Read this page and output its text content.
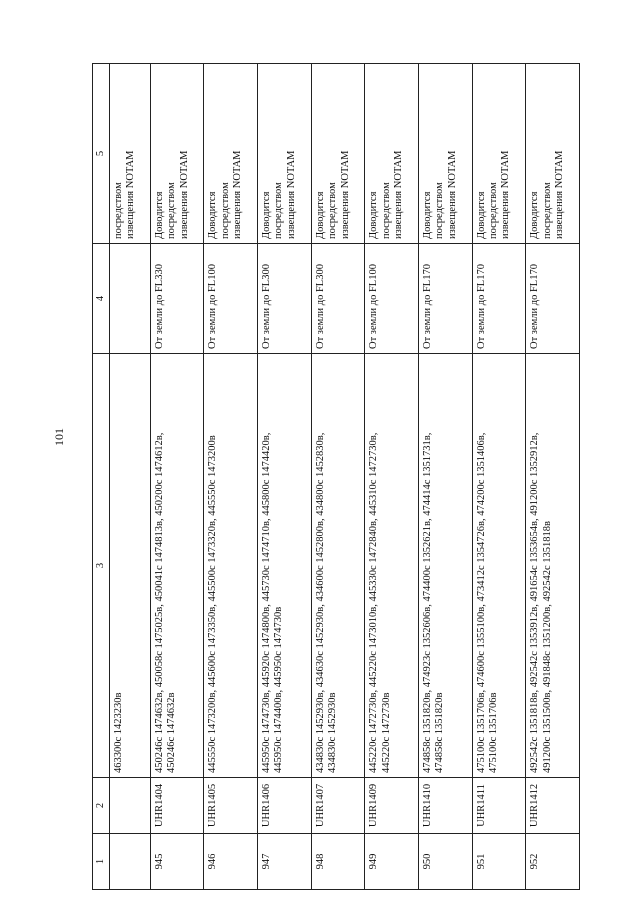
101
1	2	3	4	5
		463300с 1423230в		посредством
извещения NOTAM
945	UHR1404	450246с 1474632в, 450058с 1475025в, 450041с 1474813в, 450200с 1474612в,
450246с 1474632в	От земли до FL330	Доводится
посредством
извещения NOTAM
946	UHR1405	445550с 1473200в, 445600с 1473350в, 445500с 1473320в, 445550с 1473200в	От земли до FL100	Доводится
посредством
извещения NOTAM
947	UHR1406	445950с 1474730в, 445920с 1474800в, 445730с 1474710в, 445800с 1474420в,
445950с 1474400в, 445950с 1474730в	От земли до FL300	Доводится
посредством
извещения NOTAM
948	UHR1407	434830с 1452930в, 434630с 1452930в, 434600с 1452800в, 434800с 1452830в,
434830с 1452930в	От земли до FL300	Доводится
посредством
извещения NOTAM
949	UHR1409	445220с 1472730в, 445220с 1473010в, 445330с 1472840в, 445310с 1472730в,
445220с 1472730в	От земли до FL100	Доводится
посредством
извещения NOTAM
950	UHR1410	474858с 1351820в, 474923с 1352606в, 474400с 1352621в, 474414с 1351731в,
474858с 1351820в	От земли до FL170	Доводится
посредством
извещения NOTAM
951	UHR1411	475100с 1351706в, 474600с 1355100в, 473412с 1354726в, 474200с 1351406в,
475100с 1351706в	От земли до FL170	Доводится
посредством
извещения NOTAM
952	UHR1412	492542с 1351818в, 492542с 1353912в, 491654с 1353654в, 491200с 1352912в,
491200с 1351500в, 491848с 1351200в, 492542с 1351818в	От земли до FL170	Доводится
посредством
извещения NOTAM
